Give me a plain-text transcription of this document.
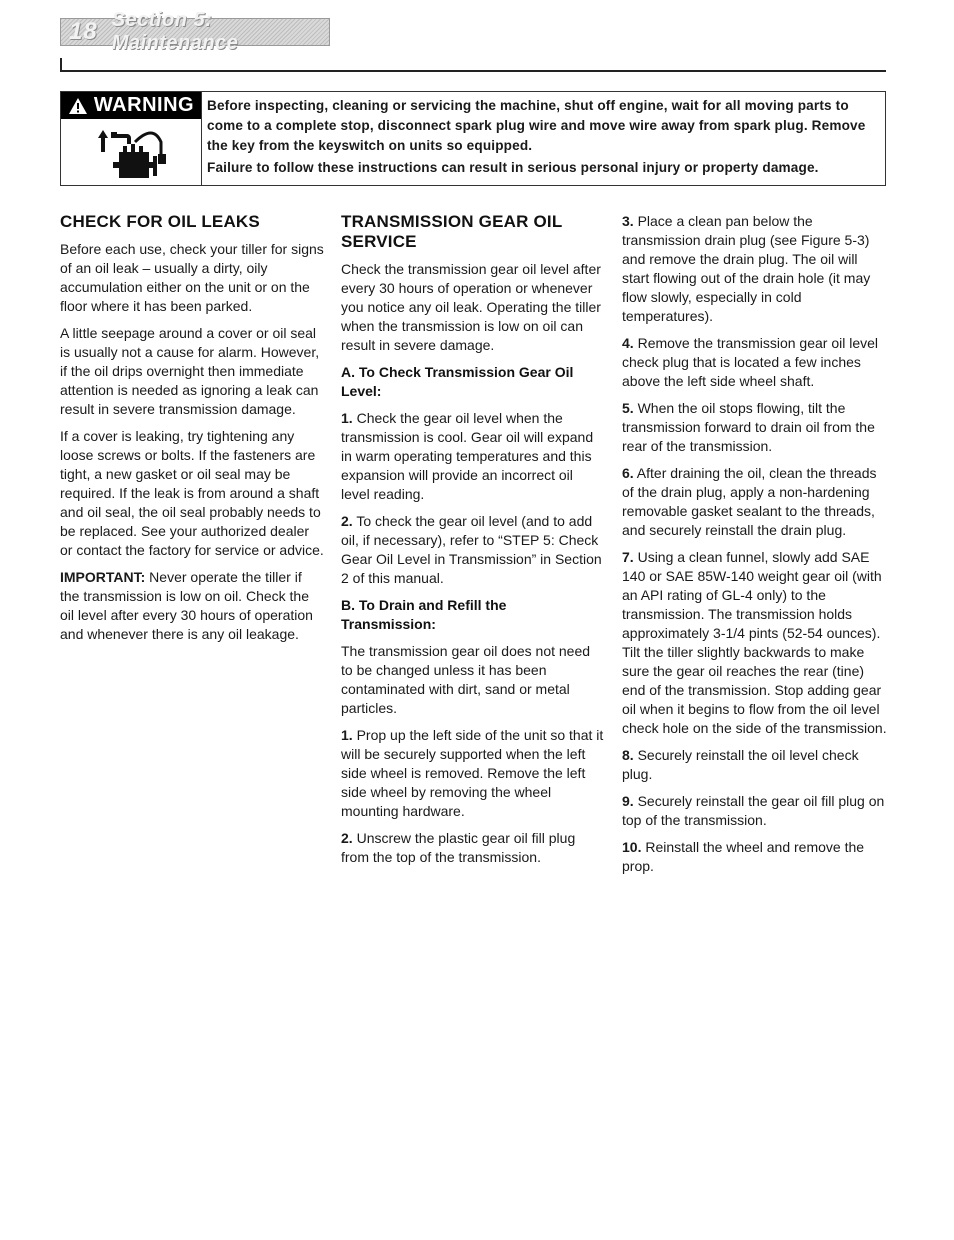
18 Section 5: Maintenance
WARNING Before inspecting, cleaning or servicing the machine, shut off engine, wait for all moving parts to come to a complete stop, disconnect spark plug wire and move wire away from spark plug. Remove the key from the keyswitch on units so equipped.

Failure to follow these instructions can result in serious personal injury or property damage.

CHECK FOR OIL LEAKS

Before each use, check your tiller for signs of an oil leak – usually a dirty, oily accumulation either on the unit or on the floor where it has been parked.

A little seepage around a cover or oil seal is usually not a cause for alarm. However, if the oil drips overnight then immediate attention is needed as ignoring a leak can result in severe transmission damage.

If a cover is leaking, try tightening any loose screws or bolts. If the fasteners are tight, a new gasket or oil seal may be required. If the leak is from around a shaft and oil seal, the oil seal probably needs to be replaced. See your authorized dealer or contact the factory for service or advice.

IMPORTANT: Never operate the tiller if the transmission is low on oil. Check the oil level after every 30 hours of operation and whenever there is any oil leakage.

TRANSMISSION GEAR OIL SERVICE

Check the transmission gear oil level after every 30 hours of operation or whenever you notice any oil leak. Operating the tiller when the transmission is low on oil can result in severe damage.

A. To Check Transmission Gear Oil Level:

1. Check the gear oil level when the transmission is cool. Gear oil will expand in warm operating temperatures and this expansion will provide an incorrect oil level reading.

2. To check the gear oil level (and to add oil, if necessary), refer to “STEP 5: Check Gear Oil Level in Transmission” in Section 2 of this manual.

B. To Drain and Refill the Transmission:

The transmission gear oil does not need to be changed unless it has been contaminated with dirt, sand or metal particles.

1. Prop up the left side of the unit so that it will be securely supported when the left side wheel is removed. Remove the left side wheel by removing the wheel mounting hardware.

2. Unscrew the plastic gear oil fill plug from the top of the transmission.

3. Place a clean pan below the transmission drain plug (see Figure 5-3) and remove the drain plug. The oil will start flowing out of the drain hole (it may flow slowly, especially in cold temperatures).

4. Remove the transmission gear oil level check plug that is located a few inches above the left side wheel shaft.

5. When the oil stops flowing, tilt the transmission forward to drain oil from the rear of the transmission.

6. After draining the oil, clean the threads of the drain plug, apply a non-hardening removable gasket sealant to the threads, and securely reinstall the drain plug.

7. Using a clean funnel, slowly add SAE 140 or SAE 85W-140 weight gear oil (with an API rating of GL-4 only) to the transmission. The transmission holds approximately 3-1/4 pints (52-54 ounces). Tilt the tiller slightly backwards to make sure the gear oil reaches the rear (tine) end of the transmission. Stop adding gear oil when it begins to flow from the oil level check hole on the side of the transmission.

8. Securely reinstall the oil level check plug.

9. Securely reinstall the gear oil fill plug on top of the transmission.

10. Reinstall the wheel and remove the prop.
